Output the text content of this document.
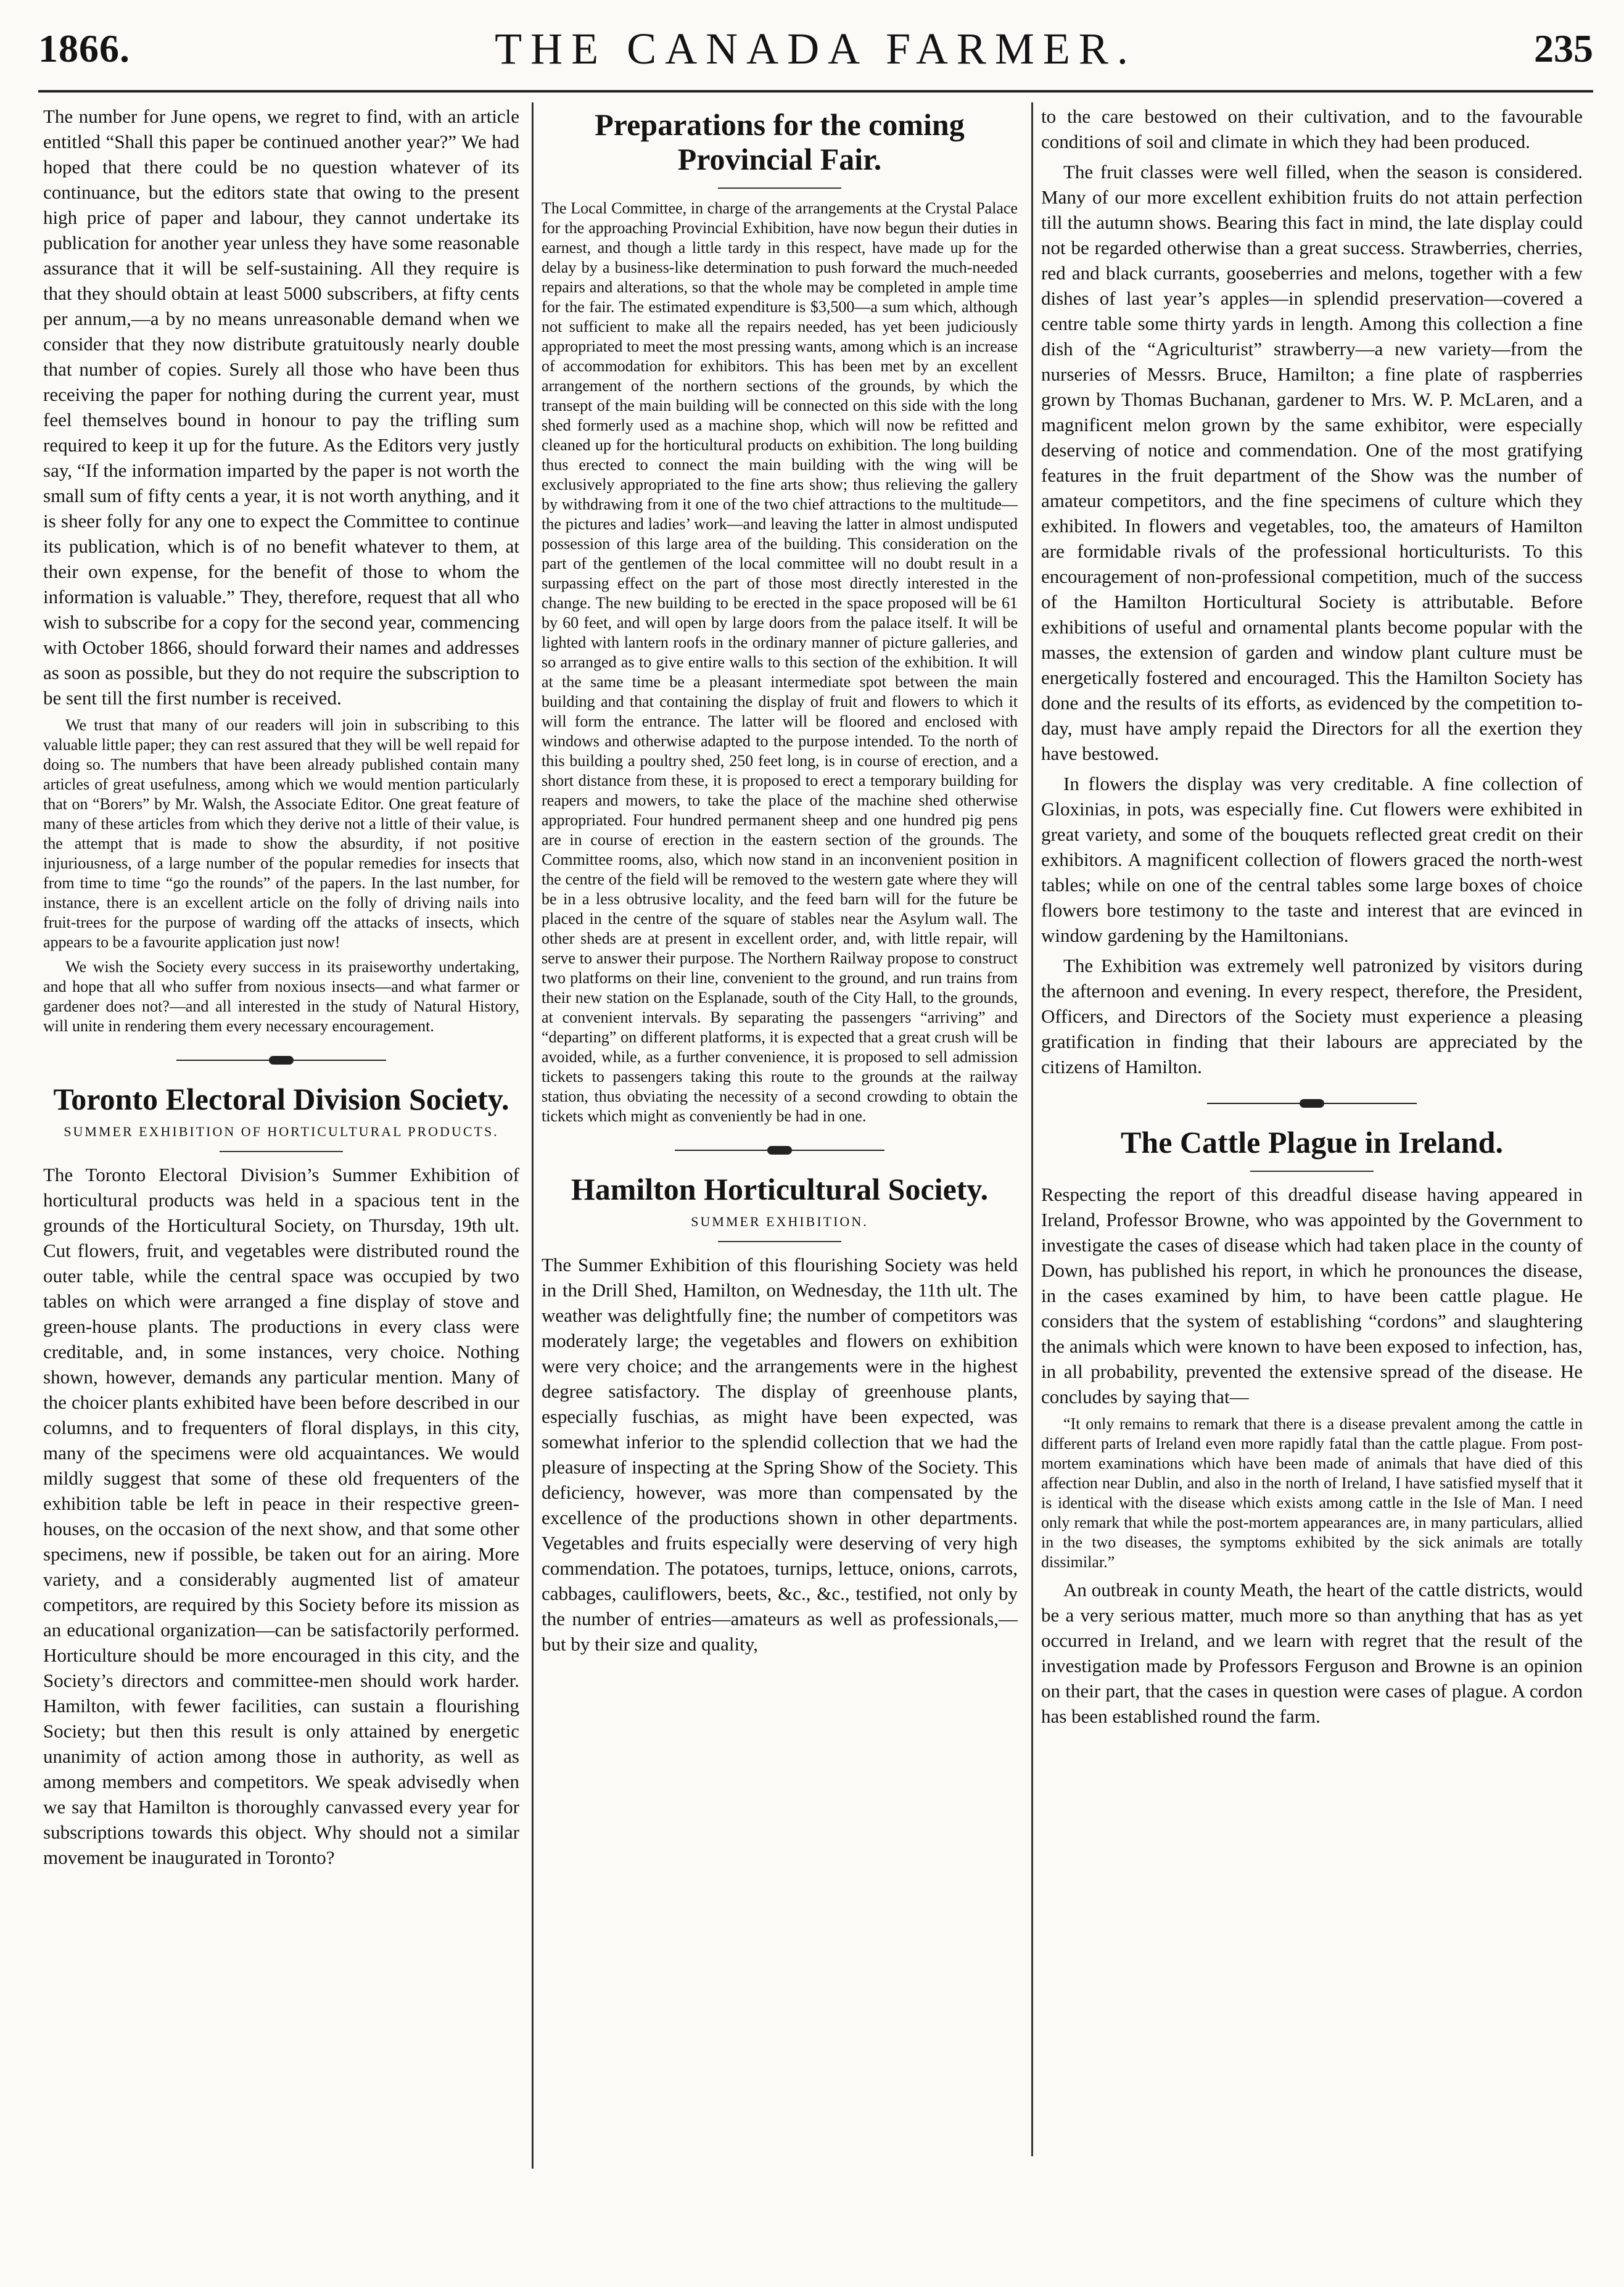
1866.	THE CANADA FARMER.	235

The number for June opens, we regret to find, with an article entitled “Shall this paper be continued another year?” We had hoped that there could be no question whatever of its continuance, but the editors state that owing to the present high price of paper and labour, they cannot undertake its publication for another year unless they have some reasonable assurance that it will be self-sustaining. All they require is that they should obtain at least 5000 subscribers, at fifty cents per annum,—a by no means unreasonable demand when we consider that they now distribute gratuitously nearly double that number of copies. Surely all those who have been thus receiving the paper for nothing during the current year, must feel themselves bound in honour to pay the trifling sum required to keep it up for the future. As the Editors very justly say, “If the information imparted by the paper is not worth the small sum of fifty cents a year, it is not worth anything, and it is sheer folly for any one to expect the Committee to continue its publication, which is of no benefit whatever to them, at their own expense, for the benefit of those to whom the information is valuable.” They, therefore, request that all who wish to subscribe for a copy for the second year, commencing with October 1866, should forward their names and addresses as soon as possible, but they do not require the subscription to be sent till the first number is received.

We trust that many of our readers will join in subscribing to this valuable little paper; they can rest assured that they will be well repaid for doing so. The numbers that have been already published contain many articles of great usefulness, among which we would mention particularly that on “Borers” by Mr. Walsh, the Associate Editor. One great feature of many of these articles from which they derive not a little of their value, is the attempt that is made to show the absurdity, if not positive injuriousness, of a large number of the popular remedies for insects that from time to time “go the rounds” of the papers. In the last number, for instance, there is an excellent article on the folly of driving nails into fruit-trees for the purpose of warding off the attacks of insects, which appears to be a favourite application just now!

We wish the Society every success in its praiseworthy undertaking, and hope that all who suffer from noxious insects—and what farmer or gardener does not?—and all interested in the study of Natural History, will unite in rendering them every necessary encouragement.

Toronto Electoral Division Society.
SUMMER EXHIBITION OF HORTICULTURAL PRODUCTS.

The Toronto Electoral Division’s Summer Exhibition of horticultural products was held in a spacious tent in the grounds of the Horticultural Society, on Thursday, 19th ult. Cut flowers, fruit, and vegetables were distributed round the outer table, while the central space was occupied by two tables on which were arranged a fine display of stove and green-house plants. The productions in every class were creditable, and, in some instances, very choice. Nothing shown, however, demands any particular mention. Many of the choicer plants exhibited have been before described in our columns, and to frequenters of floral displays, in this city, many of the specimens were old acquaintances. We would mildly suggest that some of these old frequenters of the exhibition table be left in peace in their respective green-houses, on the occasion of the next show, and that some other specimens, new if possible, be taken out for an airing. More variety, and a considerably augmented list of amateur competitors, are required by this Society before its mission as an educational organization—can be satisfactorily performed. Horticulture should be more encouraged in this city, and the Society’s directors and committee-men should work harder. Hamilton, with fewer facilities, can sustain a flourishing Society; but then this result is only attained by energetic unanimity of action among those in authority, as well as among members and competitors. We speak advisedly when we say that Hamilton is thoroughly canvassed every year for subscriptions towards this object. Why should not a similar movement be inaugurated in Toronto?

Preparations for the coming Provincial Fair.

The Local Committee, in charge of the arrangements at the Crystal Palace for the approaching Provincial Exhibition, have now begun their duties in earnest, and though a little tardy in this respect, have made up for the delay by a business-like determination to push forward the much-needed repairs and alterations, so that the whole may be completed in ample time for the fair. The estimated expenditure is $3,500—a sum which, although not sufficient to make all the repairs needed, has yet been judiciously appropriated to meet the most pressing wants, among which is an increase of accommodation for exhibitors. This has been met by an excellent arrangement of the northern sections of the grounds, by which the transept of the main building will be connected on this side with the long shed formerly used as a machine shop, which will now be refitted and cleaned up for the horticultural products on exhibition. The long building thus erected to connect the main building with the wing will be exclusively appropriated to the fine arts show; thus relieving the gallery by withdrawing from it one of the two chief attractions to the multitude—the pictures and ladies’ work—and leaving the latter in almost undisputed possession of this large area of the building. This consideration on the part of the gentlemen of the local committee will no doubt result in a surpassing effect on the part of those most directly interested in the change. The new building to be erected in the space proposed will be 61 by 60 feet, and will open by large doors from the palace itself. It will be lighted with lantern roofs in the ordinary manner of picture galleries, and so arranged as to give entire walls to this section of the exhibition. It will at the same time be a pleasant intermediate spot between the main building and that containing the display of fruit and flowers to which it will form the entrance. The latter will be floored and enclosed with windows and otherwise adapted to the purpose intended. To the north of this building a poultry shed, 250 feet long, is in course of erection, and a short distance from these, it is proposed to erect a temporary building for reapers and mowers, to take the place of the machine shed otherwise appropriated. Four hundred permanent sheep and one hundred pig pens are in course of erection in the eastern section of the grounds. The Committee rooms, also, which now stand in an inconvenient position in the centre of the field will be removed to the western gate where they will be in a less obtrusive locality, and the feed barn will for the future be placed in the centre of the square of stables near the Asylum wall. The other sheds are at present in excellent order, and, with little repair, will serve to answer their purpose. The Northern Railway propose to construct two platforms on their line, convenient to the ground, and run trains from their new station on the Esplanade, south of the City Hall, to the grounds, at convenient intervals. By separating the passengers “arriving” and “departing” on different platforms, it is expected that a great crush will be avoided, while, as a further convenience, it is proposed to sell admission tickets to passengers taking this route to the grounds at the railway station, thus obviating the necessity of a second crowding to obtain the tickets which might as conveniently be had in one.

Hamilton Horticultural Society.
SUMMER EXHIBITION.

The Summer Exhibition of this flourishing Society was held in the Drill Shed, Hamilton, on Wednesday, the 11th ult. The weather was delightfully fine; the number of competitors was moderately large; the vegetables and flowers on exhibition were very choice; and the arrangements were in the highest degree satisfactory. The display of greenhouse plants, especially fuschias, as might have been expected, was somewhat inferior to the splendid collection that we had the pleasure of inspecting at the Spring Show of the Society. This deficiency, however, was more than compensated by the excellence of the productions shown in other departments. Vegetables and fruits especially were deserving of very high commendation. The potatoes, turnips, lettuce, onions, carrots, cabbages, cauliflowers, beets, &c., &c., testified, not only by the number of entries—amateurs as well as professionals,—but by their size and quality,

to the care bestowed on their cultivation, and to the favourable conditions of soil and climate in which they had been produced.

The fruit classes were well filled, when the season is considered. Many of our more excellent exhibition fruits do not attain perfection till the autumn shows. Bearing this fact in mind, the late display could not be regarded otherwise than a great success. Strawberries, cherries, red and black currants, gooseberries and melons, together with a few dishes of last year’s apples—in splendid preservation—covered a centre table some thirty yards in length. Among this collection a fine dish of the “Agriculturist” strawberry—a new variety—from the nurseries of Messrs. Bruce, Hamilton; a fine plate of raspberries grown by Thomas Buchanan, gardener to Mrs. W. P. McLaren, and a magnificent melon grown by the same exhibitor, were especially deserving of notice and commendation. One of the most gratifying features in the fruit department of the Show was the number of amateur competitors, and the fine specimens of culture which they exhibited. In flowers and vegetables, too, the amateurs of Hamilton are formidable rivals of the professional horticulturists. To this encouragement of non-professional competition, much of the success of the Hamilton Horticultural Society is attributable. Before exhibitions of useful and ornamental plants become popular with the masses, the extension of garden and window plant culture must be energetically fostered and encouraged. This the Hamilton Society has done and the results of its efforts, as evidenced by the competition to-day, must have amply repaid the Directors for all the exertion they have bestowed.

In flowers the display was very creditable. A fine collection of Gloxinias, in pots, was especially fine. Cut flowers were exhibited in great variety, and some of the bouquets reflected great credit on their exhibitors. A magnificent collection of flowers graced the north-west tables; while on one of the central tables some large boxes of choice flowers bore testimony to the taste and interest that are evinced in window gardening by the Hamiltonians.

The Exhibition was extremely well patronized by visitors during the afternoon and evening. In every respect, therefore, the President, Officers, and Directors of the Society must experience a pleasing gratification in finding that their labours are appreciated by the citizens of Hamilton.

The Cattle Plague in Ireland.

Respecting the report of this dreadful disease having appeared in Ireland, Professor Browne, who was appointed by the Government to investigate the cases of disease which had taken place in the county of Down, has published his report, in which he pronounces the disease, in the cases examined by him, to have been cattle plague. He considers that the system of establishing “cordons” and slaughtering the animals which were known to have been exposed to infection, has, in all probability, prevented the extensive spread of the disease. He concludes by saying that—

“It only remains to remark that there is a disease prevalent among the cattle in different parts of Ireland even more rapidly fatal than the cattle plague. From post-mortem examinations which have been made of animals that have died of this affection near Dublin, and also in the north of Ireland, I have satisfied myself that it is identical with the disease which exists among cattle in the Isle of Man. I need only remark that while the post-mortem appearances are, in many particulars, allied in the two diseases, the symptoms exhibited by the sick animals are totally dissimilar.”

An outbreak in county Meath, the heart of the cattle districts, would be a very serious matter, much more so than anything that has as yet occurred in Ireland, and we learn with regret that the result of the investigation made by Professors Ferguson and Browne is an opinion on their part, that the cases in question were cases of plague. A cordon has been established round the farm.
